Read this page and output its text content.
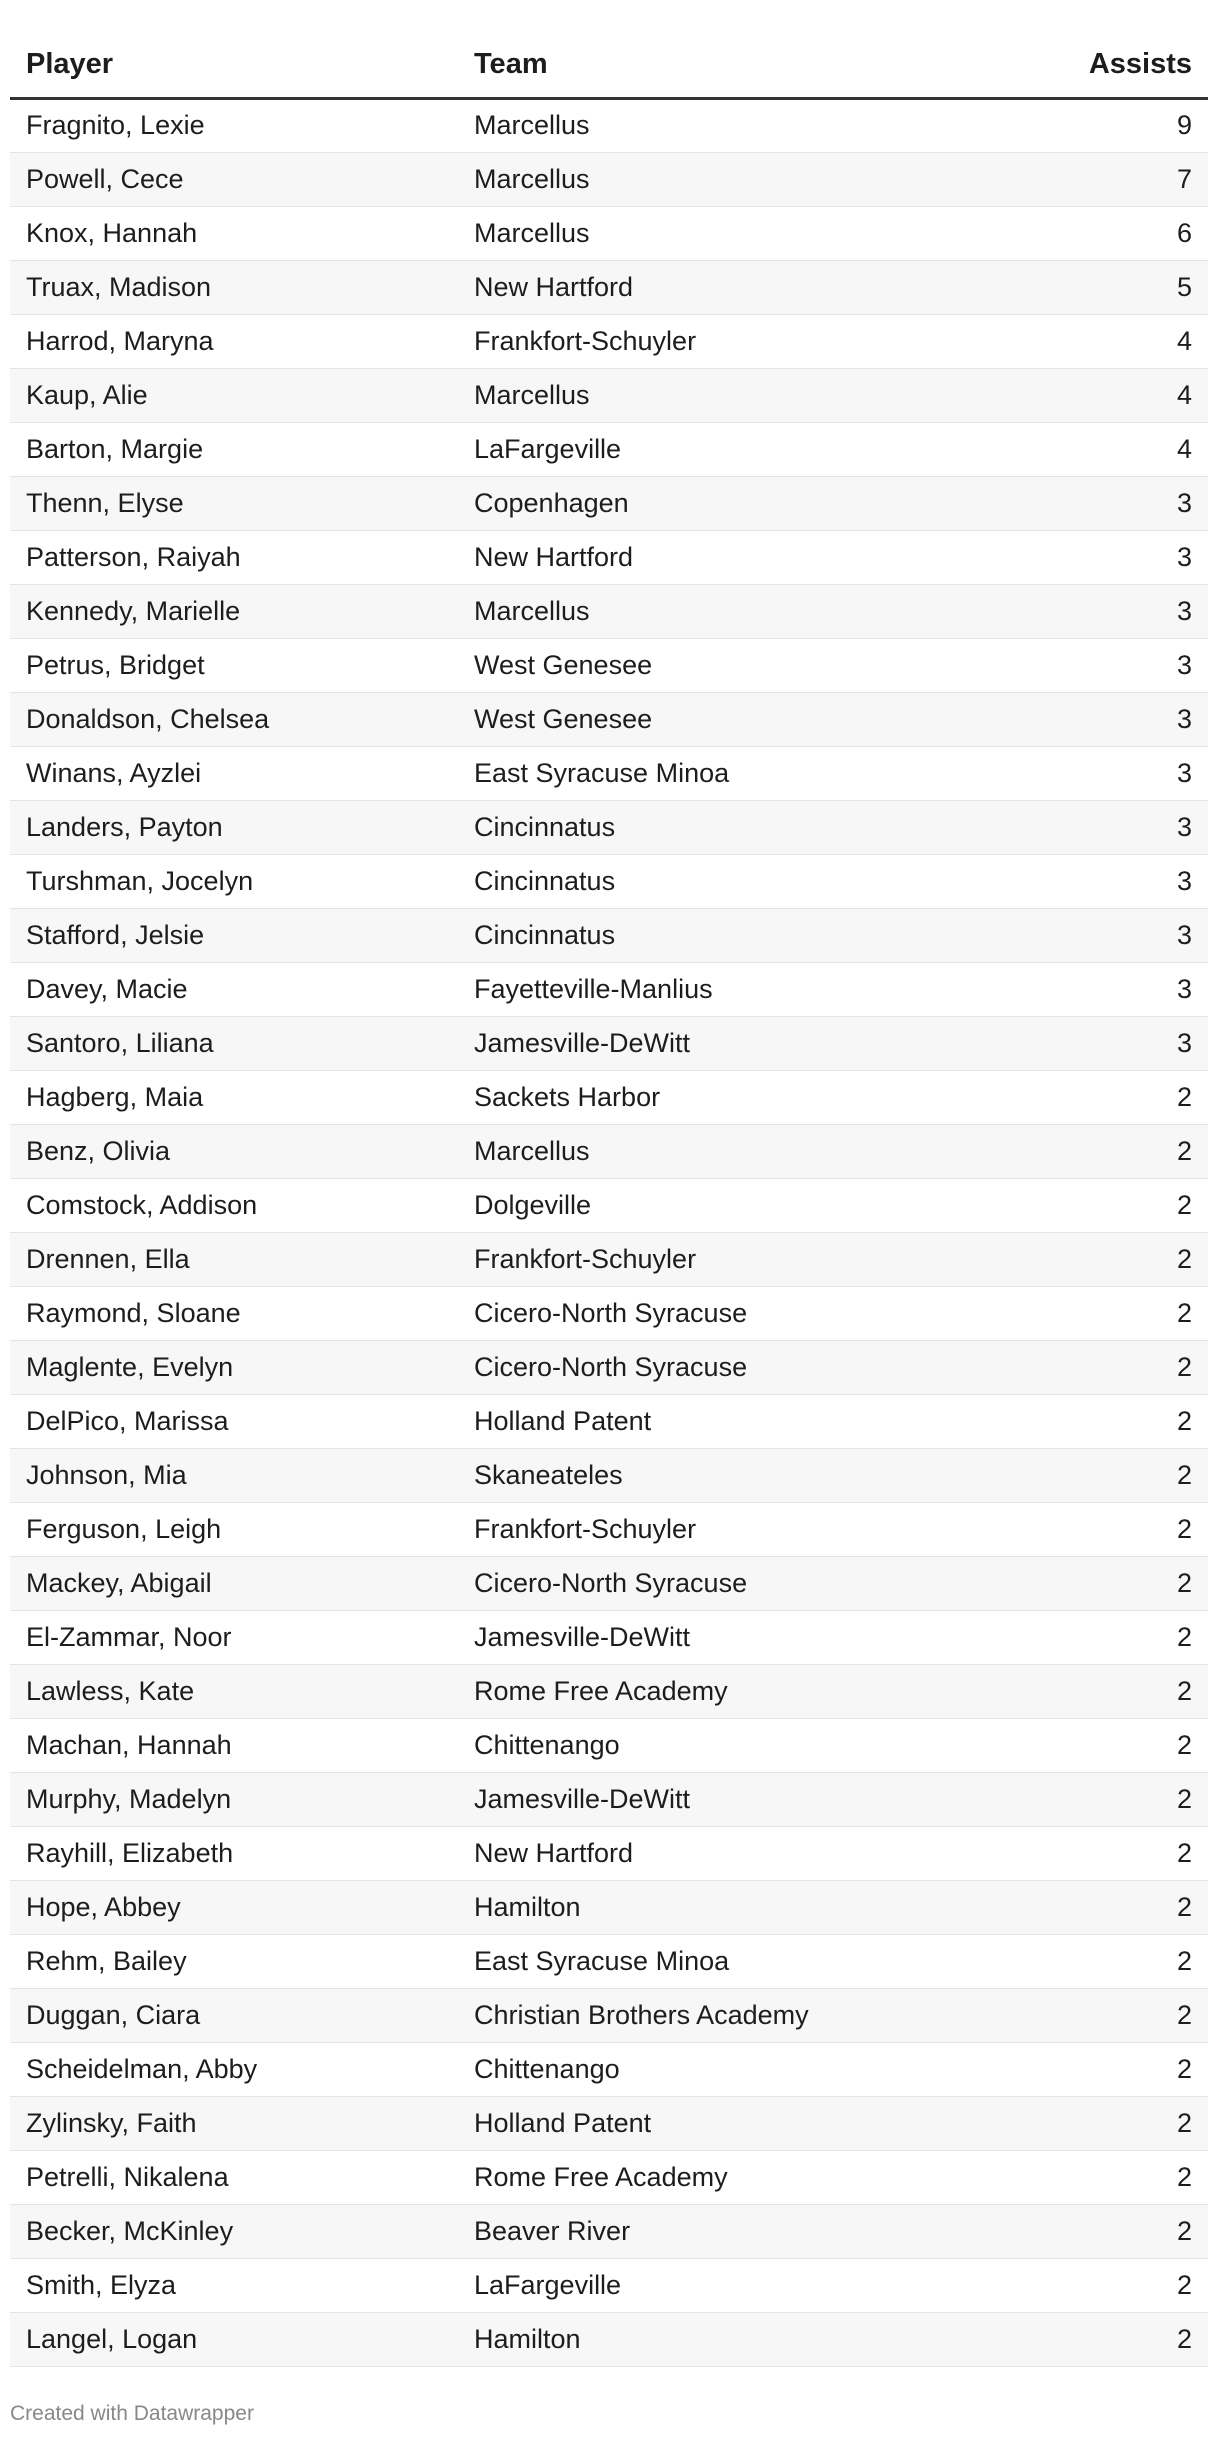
Player	Team	Assists
Fragnito, Lexie	Marcellus	9
Powell, Cece	Marcellus	7
Knox, Hannah	Marcellus	6
Truax, Madison	New Hartford	5
Harrod, Maryna	Frankfort-Schuyler	4
Kaup, Alie	Marcellus	4
Barton, Margie	LaFargeville	4
Thenn, Elyse	Copenhagen	3
Patterson, Raiyah	New Hartford	3
Kennedy, Marielle	Marcellus	3
Petrus, Bridget	West Genesee	3
Donaldson, Chelsea	West Genesee	3
Winans, Ayzlei	East Syracuse Minoa	3
Landers, Payton	Cincinnatus	3
Turshman, Jocelyn	Cincinnatus	3
Stafford, Jelsie	Cincinnatus	3
Davey, Macie	Fayetteville-Manlius	3
Santoro, Liliana	Jamesville-DeWitt	3
Hagberg, Maia	Sackets Harbor	2
Benz, Olivia	Marcellus	2
Comstock, Addison	Dolgeville	2
Drennen, Ella	Frankfort-Schuyler	2
Raymond, Sloane	Cicero-North Syracuse	2
Maglente, Evelyn	Cicero-North Syracuse	2
DelPico, Marissa	Holland Patent	2
Johnson, Mia	Skaneateles	2
Ferguson, Leigh	Frankfort-Schuyler	2
Mackey, Abigail	Cicero-North Syracuse	2
El-Zammar, Noor	Jamesville-DeWitt	2
Lawless, Kate	Rome Free Academy	2
Machan, Hannah	Chittenango	2
Murphy, Madelyn	Jamesville-DeWitt	2
Rayhill, Elizabeth	New Hartford	2
Hope, Abbey	Hamilton	2
Rehm, Bailey	East Syracuse Minoa	2
Duggan, Ciara	Christian Brothers Academy	2
Scheidelman, Abby	Chittenango	2
Zylinsky, Faith	Holland Patent	2
Petrelli, Nikalena	Rome Free Academy	2
Becker, McKinley	Beaver River	2
Smith, Elyza	LaFargeville	2
Langel, Logan	Hamilton	2
Created with Datawrapper
